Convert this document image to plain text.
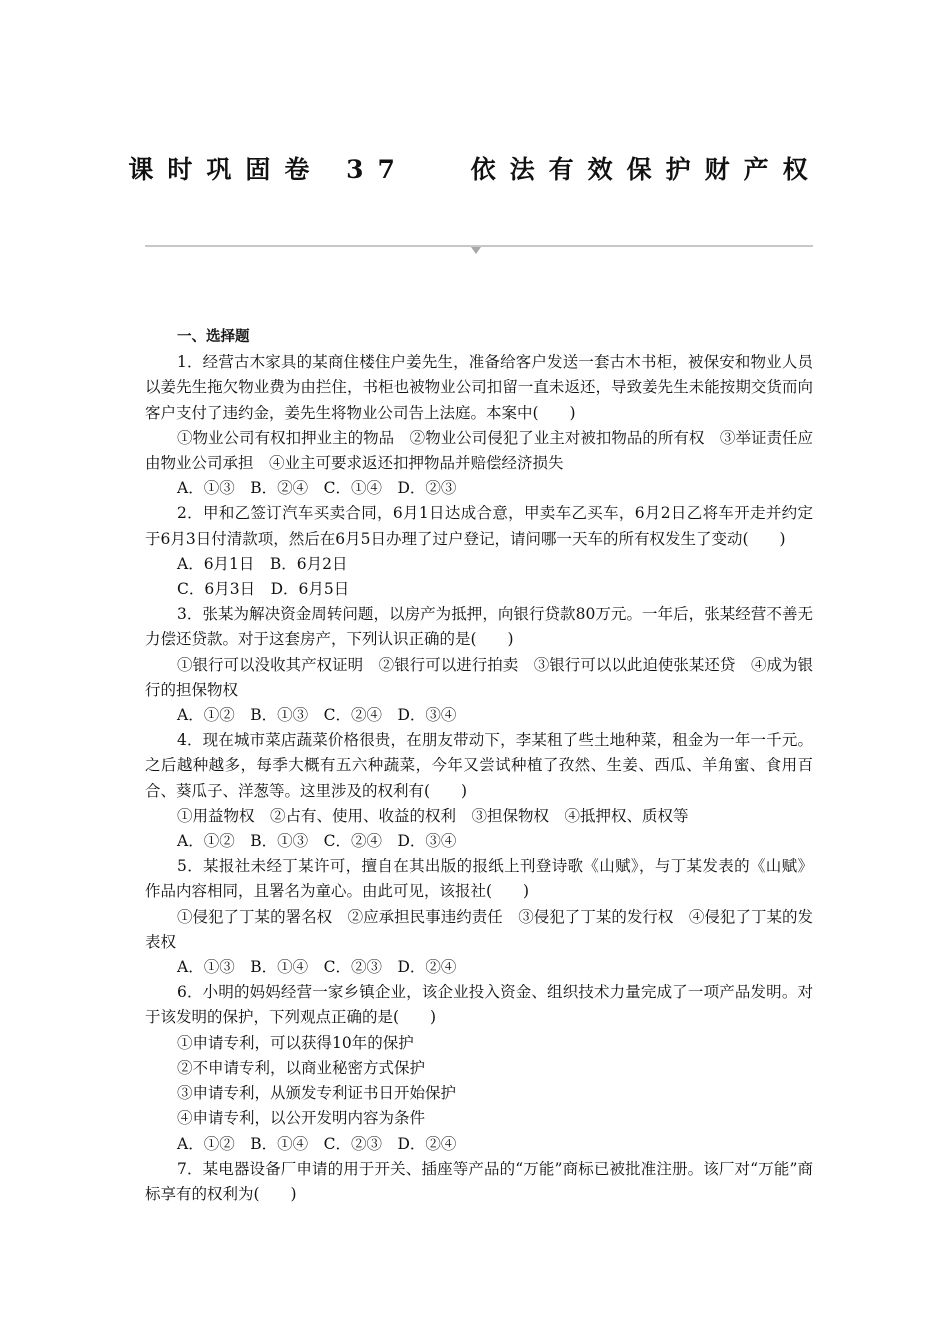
课时巩固卷 37　 依法有效保护财产权

一、选择题

1．经营古木家具的某商住楼住户姜先生，准备给客户发送一套古木书柜，被保安和物业人员以姜先生拖欠物业费为由拦住，书柜也被物业公司扣留一直未返还，导致姜先生未能按期交货而向客户支付了违约金，姜先生将物业公司告上法庭。本案中(　　)

①物业公司有权扣押业主的物品　②物业公司侵犯了业主对被扣物品的所有权　③举证责任应由物业公司承担　④业主可要求返还扣押物品并赔偿经济损失

A．①③　B．②④　C．①④　D．②③

2．甲和乙签订汽车买卖合同，6月1日达成合意，甲卖车乙买车，6月2日乙将车开走并约定于6月3日付清款项，然后在6月5日办理了过户登记，请问哪一天车的所有权发生了变动(　　)

A．6月1日　B．6月2日

C．6月3日　D．6月5日

3．张某为解决资金周转问题，以房产为抵押，向银行贷款80万元。一年后，张某经营不善无力偿还贷款。对于这套房产，下列认识正确的是(　　)

①银行可以没收其产权证明　②银行可以进行拍卖　③银行可以以此迫使张某还贷　④成为银行的担保物权

A．①②　B．①③　C．②④　D．③④

4．现在城市菜店蔬菜价格很贵，在朋友带动下，李某租了些土地种菜，租金为一年一千元。之后越种越多，每季大概有五六种蔬菜，今年又尝试种植了孜然、生姜、西瓜、羊角蜜、食用百合、葵瓜子、洋葱等。这里涉及的权利有(　　)

①用益物权　②占有、使用、收益的权利　③担保物权　④抵押权、质权等

A．①②　B．①③　C．②④　D．③④

5．某报社未经丁某许可，擅自在其出版的报纸上刊登诗歌《山赋》，与丁某发表的《山赋》作品内容相同，且署名为童心。由此可见，该报社(　　)

①侵犯了丁某的署名权　②应承担民事违约责任　③侵犯了丁某的发行权　④侵犯了丁某的发表权

A．①③　B．①④　C．②③　D．②④

6．小明的妈妈经营一家乡镇企业，该企业投入资金、组织技术力量完成了一项产品发明。对于该发明的保护，下列观点正确的是(　　)

①申请专利，可以获得10年的保护

②不申请专利，以商业秘密方式保护

③申请专利，从颁发专利证书日开始保护

④申请专利，以公开发明内容为条件

A．①②　B．①④　C．②③　D．②④

7．某电器设备厂申请的用于开关、插座等产品的“万能”商标已被批准注册。该厂对“万能”商标享有的权利为(　　)
